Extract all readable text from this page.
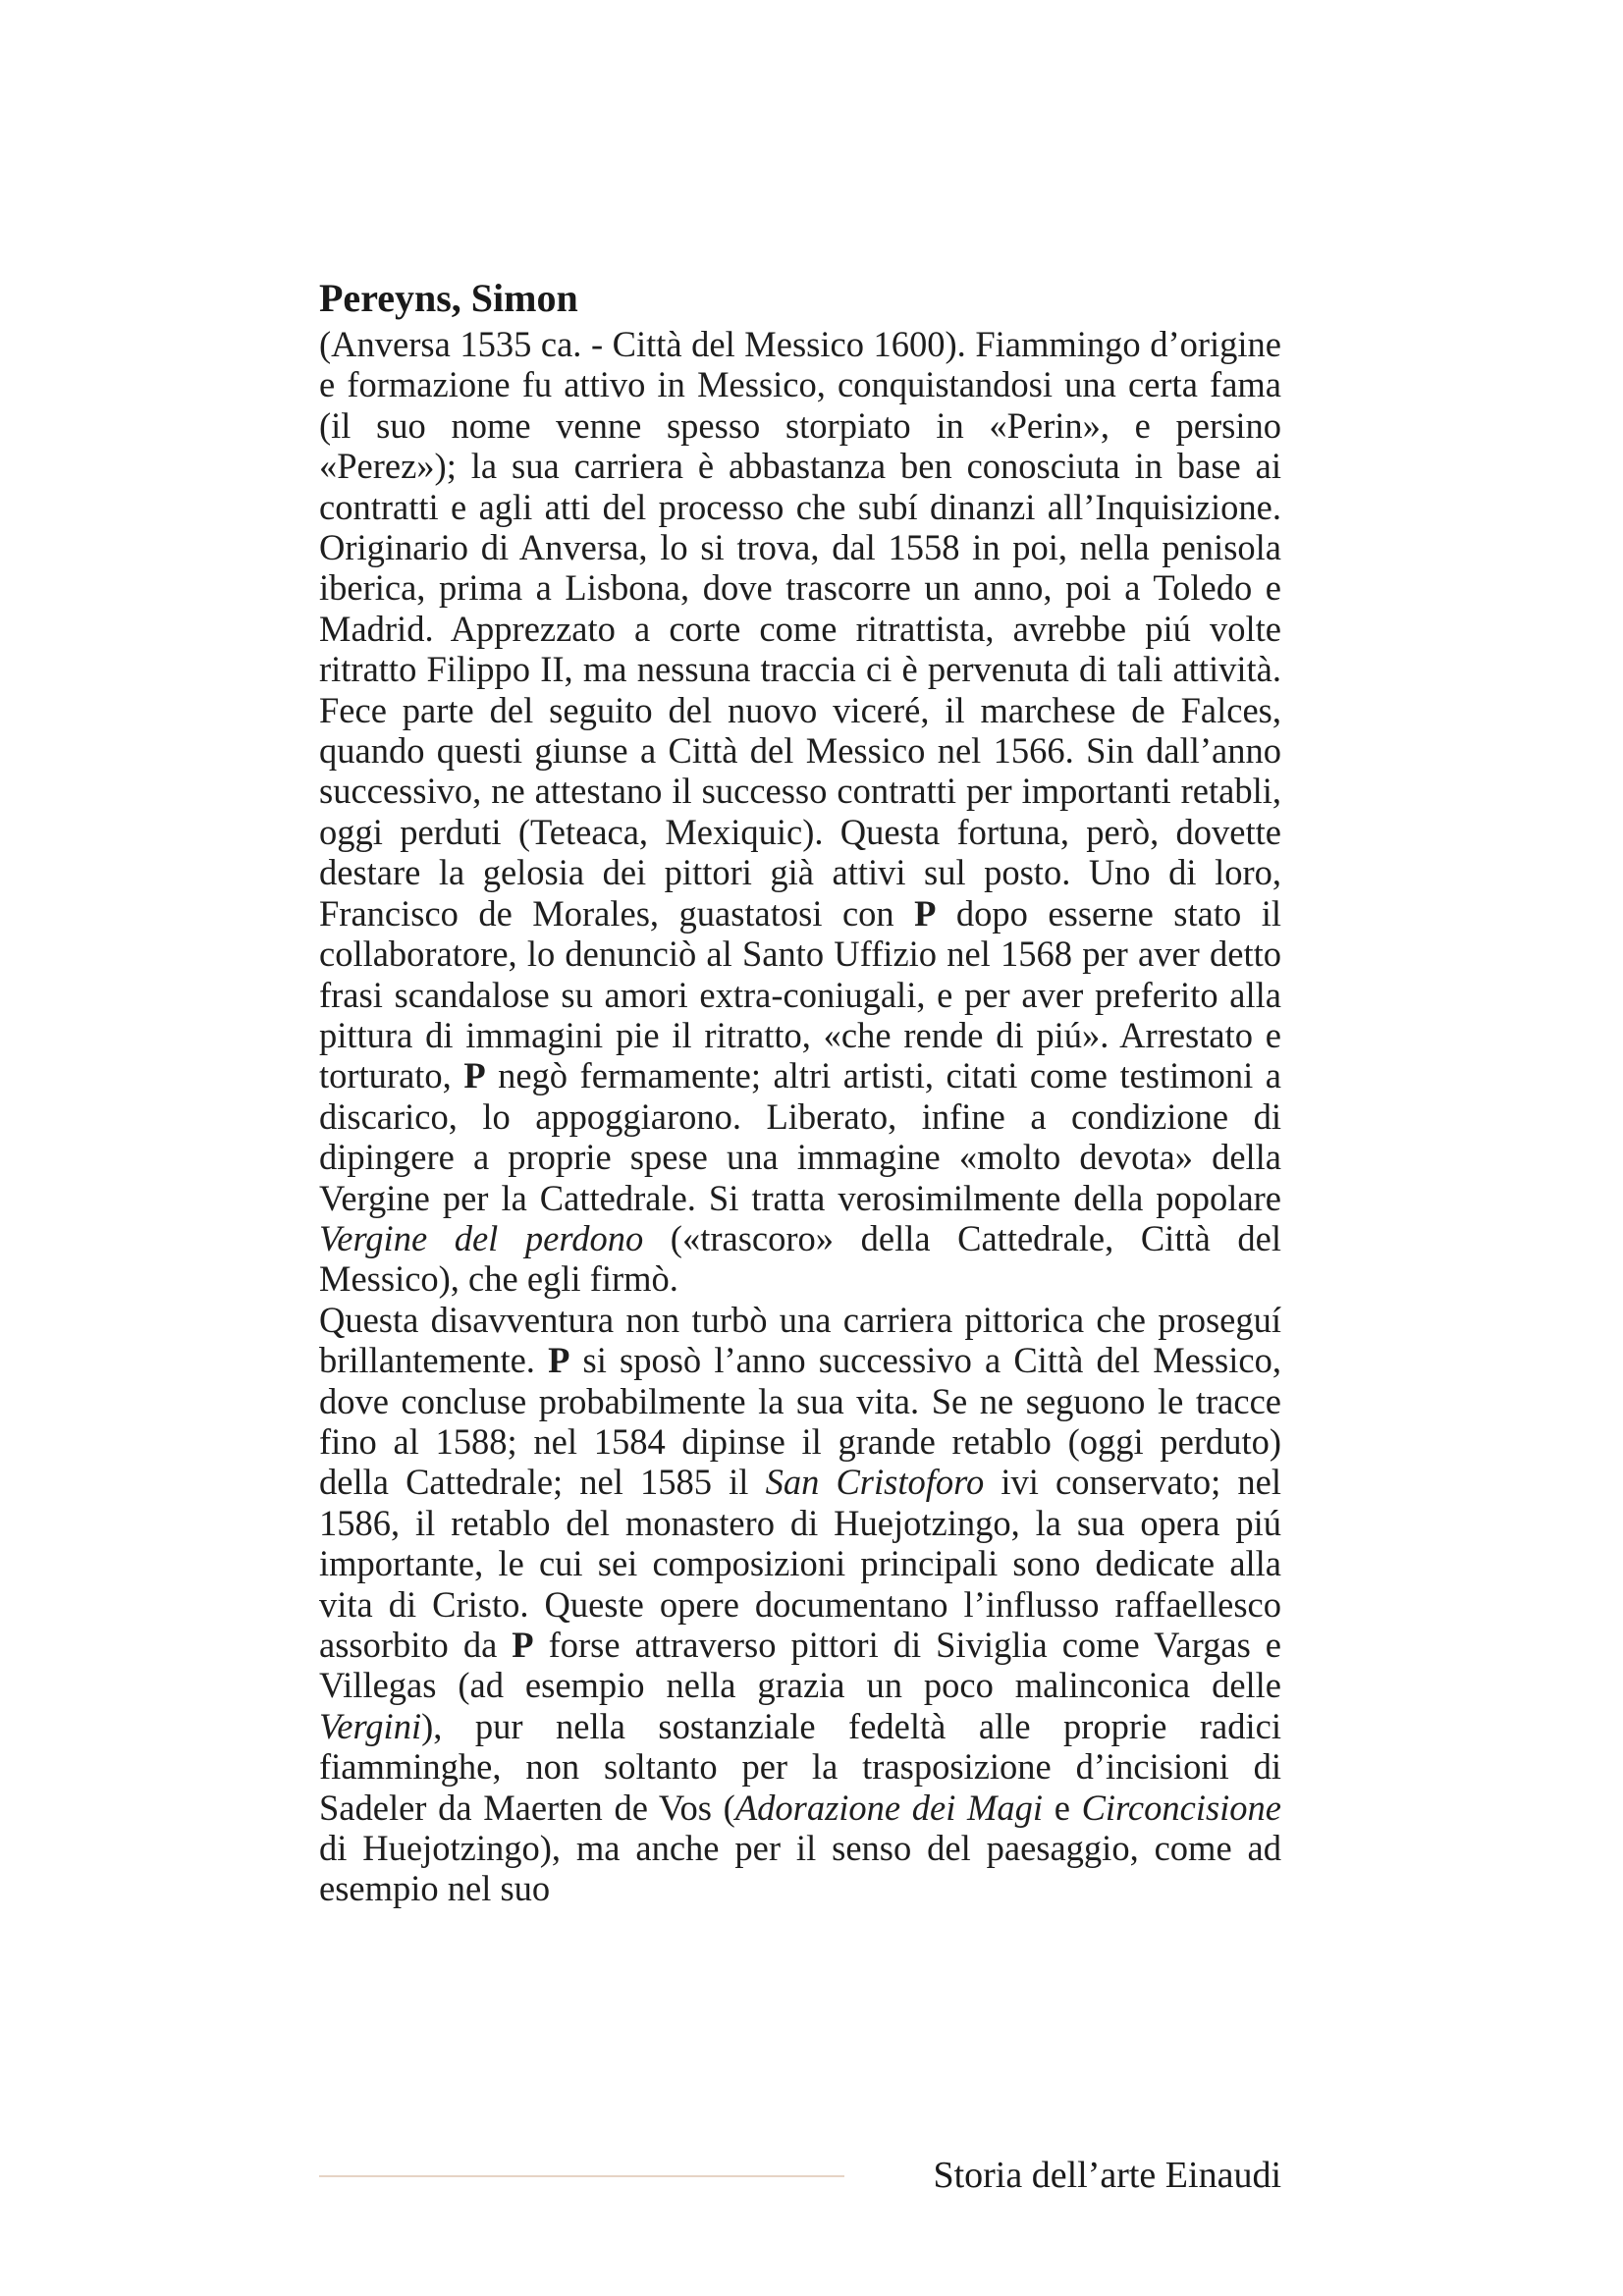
Pereyns, Simon

(Anversa 1535 ca. - Città del Messico 1600). Fiammingo d’origine e formazione fu attivo in Messico, conquistandosi una certa fama (il suo nome venne spesso storpiato in «Perin», e persino «Perez»); la sua carriera è abbastanza ben conosciuta in base ai contratti e agli atti del processo che subí dinanzi all’Inquisizione. Originario di Anversa, lo si trova, dal 1558 in poi, nella penisola iberica, prima a Lisbona, dove trascorre un anno, poi a Toledo e Madrid. Apprezzato a corte come ritrattista, avrebbe piú volte ritratto Filippo II, ma nessuna traccia ci è pervenuta di tali attività. Fece parte del seguito del nuovo viceré, il marchese de Falces, quando questi giunse a Città del Messico nel 1566. Sin dall’anno successivo, ne attestano il successo contratti per importanti retabli, oggi perduti (Teteaca, Mexiquic). Questa fortuna, però, dovette destare la gelosia dei pittori già attivi sul posto. Uno di loro, Francisco de Morales, guastatosi con P dopo esserne stato il collaboratore, lo denunciò al Santo Uffizio nel 1568 per aver detto frasi scandalose su amori extra-coniugali, e per aver preferito alla pittura di immagini pie il ritratto, «che rende di piú». Arrestato e torturato, P negò fermamente; altri artisti, citati come testimoni a discarico, lo appoggiarono. Liberato, infine a condizione di dipingere a proprie spese una immagine «molto devota» della Vergine per la Cattedrale. Si tratta verosimilmente della popolare Vergine del perdono («trascoro» della Cattedrale, Città del Messico), che egli firmò.

Questa disavventura non turbò una carriera pittorica che proseguí brillantemente. P si sposò l’anno successivo a Città del Messico, dove concluse probabilmente la sua vita. Se ne seguono le tracce fino al 1588; nel 1584 dipinse il grande retablo (oggi perduto) della Cattedrale; nel 1585 il San Cristoforo ivi conservato; nel 1586, il retablo del monastero di Huejotzingo, la sua opera piú importante, le cui sei composizioni principali sono dedicate alla vita di Cristo. Queste opere documentano l’influsso raffaellesco assorbito da P forse attraverso pittori di Siviglia come Vargas e Villegas (ad esempio nella grazia un poco malinconica delle Vergini), pur nella sostanziale fedeltà alle proprie radici fiamminghe, non soltanto per la trasposizione d’incisioni di Sadeler da Maerten de Vos (Adorazione dei Magi e Circoncisione di Huejotzingo), ma anche per il senso del paesaggio, come ad esempio nel suo

Storia dell’arte Einaudi
